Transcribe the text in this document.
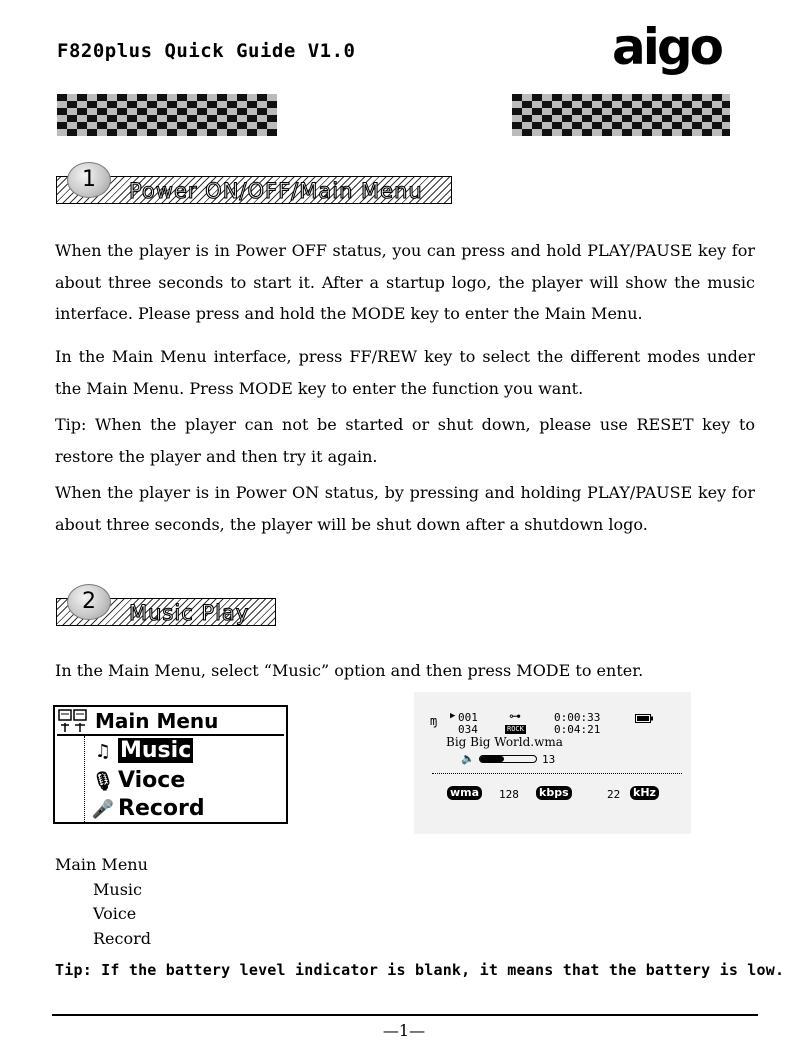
F820plus Quick Guide V1.0	aigo
Power ON/OFF/Main Menu
1

When the player is in Power OFF status, you can press and hold PLAY/PAUSE key for about three seconds to start it. After a startup logo, the player will show the music interface. Please press and hold the MODE key to enter the Main Menu.

In the Main Menu interface, press FF/REW key to select the different modes under the Main Menu. Press MODE key to enter the function you want.

Tip: When the player can not be started or shut down, please use RESET key to restore the player and then try it again.

When the player is in Power ON status, by pressing and holding PLAY/PAUSE key for about three seconds, the player will be shut down after a shutdown logo.

Music Play
2

In the Main Menu, select “Music” option and then press MODE to enter.

Main Menu
♫ Music
🎙 Vioce
🎤 Record
ɱ ▶ 001
034
⊶
ROCK
0:00:33
0:04:21
Big Big World.wma
🔈	13
wma 128 kbps	22 kHz
Main Menu
Music
Voice
Record
Tip: If the battery level indicator is blank, it means that the battery is low.
—1—
